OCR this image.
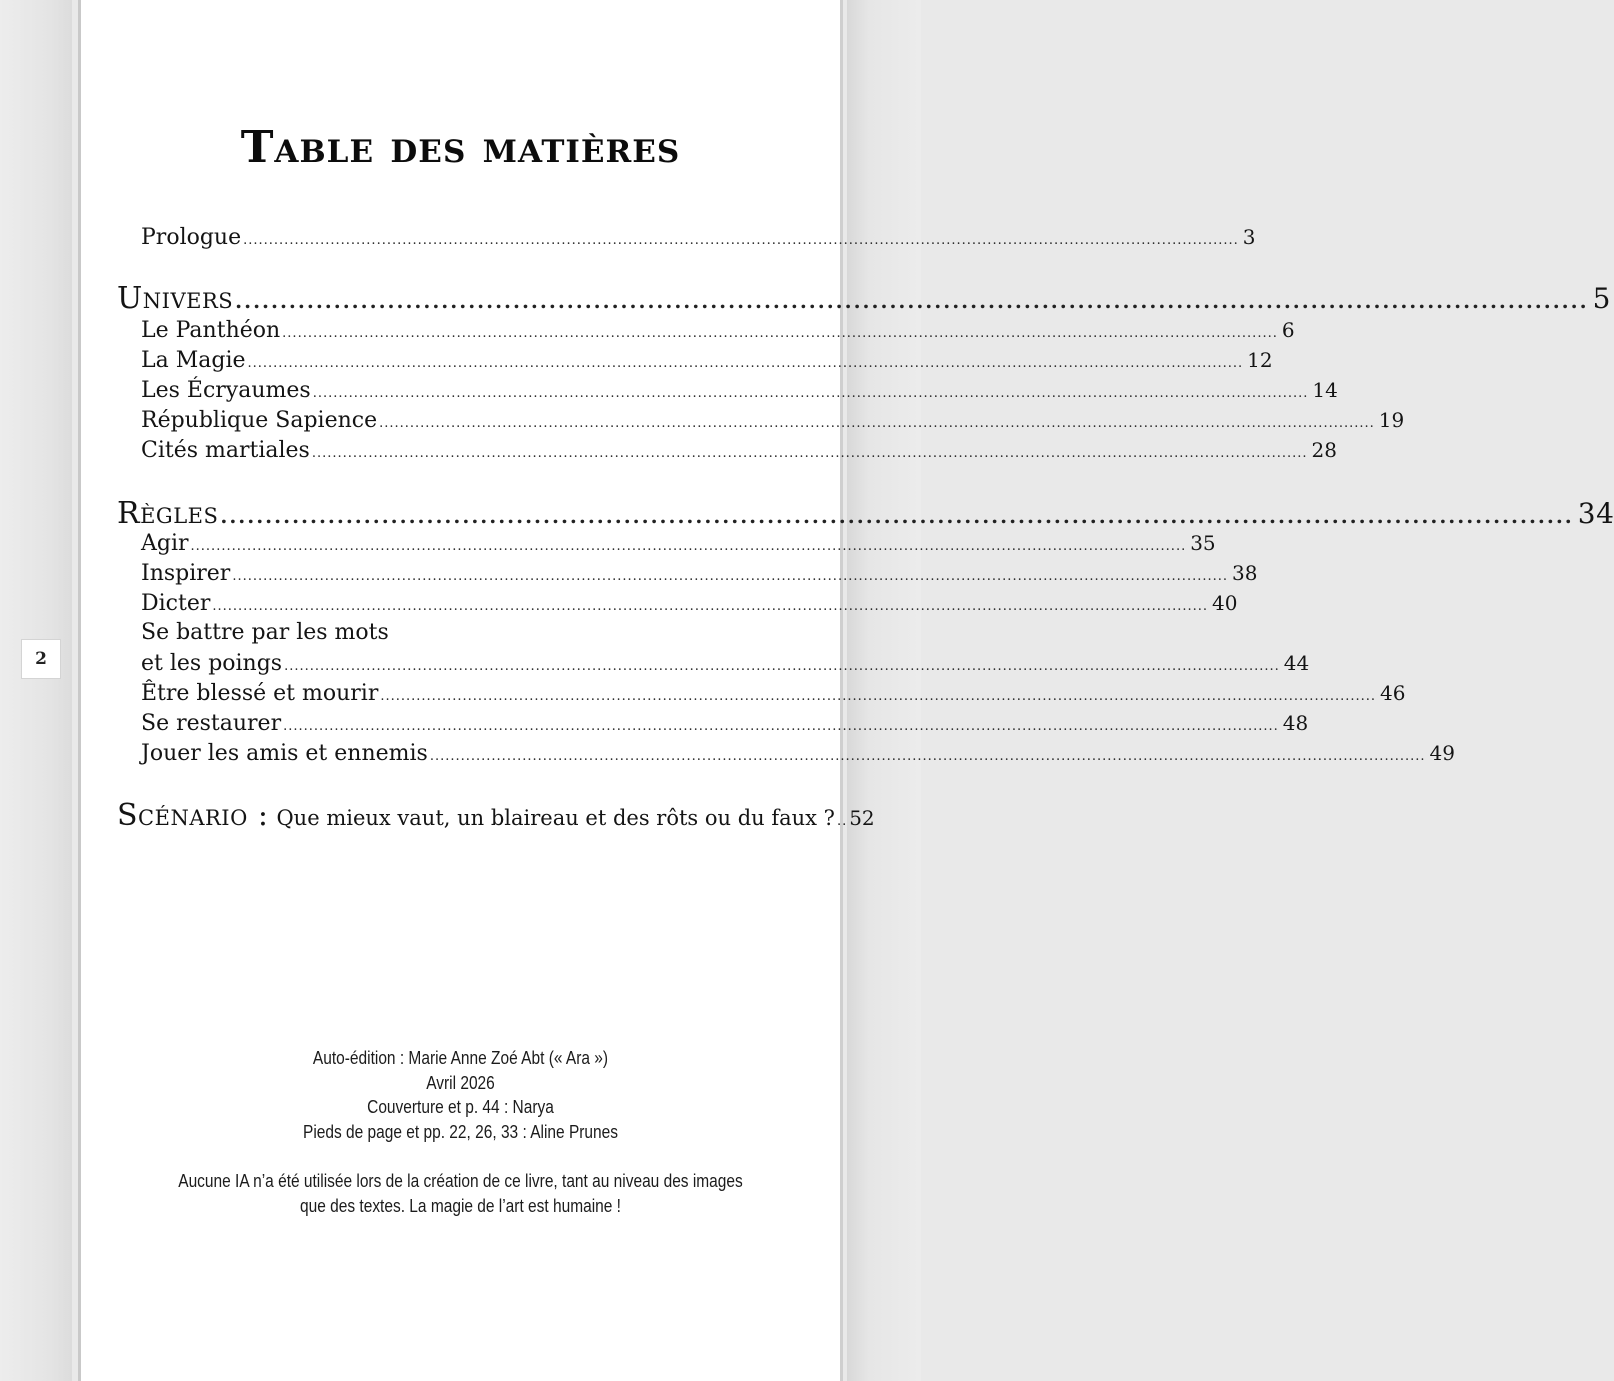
2
Table des matières
Prologue .................................................................................................................................................................................................. 3
Univers ....................................................................................................................................................... 5
Le Panthéon .................................................................................................................................................................................................. 6
La Magie .................................................................................................................................................................................................. 12
Les Écryaumes .................................................................................................................................................................................................. 14
République Sapience .................................................................................................................................................................................................. 19
Cités martiales .................................................................................................................................................................................................. 28
Règles ....................................................................................................................................................... 34
Agir .................................................................................................................................................................................................. 35
Inspirer .................................................................................................................................................................................................. 38
Dicter .................................................................................................................................................................................................. 40
Se battre par les mots
et les poings .................................................................................................................................................................................................. 44
Être blessé et mourir .................................................................................................................................................................................................. 46
Se restaurer .................................................................................................................................................................................................. 48
Jouer les amis et ennemis .................................................................................................................................................................................................. 49
Scénario : Que mieux vaut, un blaireau et des rôts ou du faux ? .. 52
Auto-édition : Marie Anne Zoé Abt (« Ara »)
Avril 2026
Couverture et p. 44 : Narya
Pieds de page et pp. 22, 26, 33 : Aline Prunes
Aucune IA n’a été utilisée lors de la création de ce livre, tant au niveau des images
que des textes. La magie de l’art est humaine !
